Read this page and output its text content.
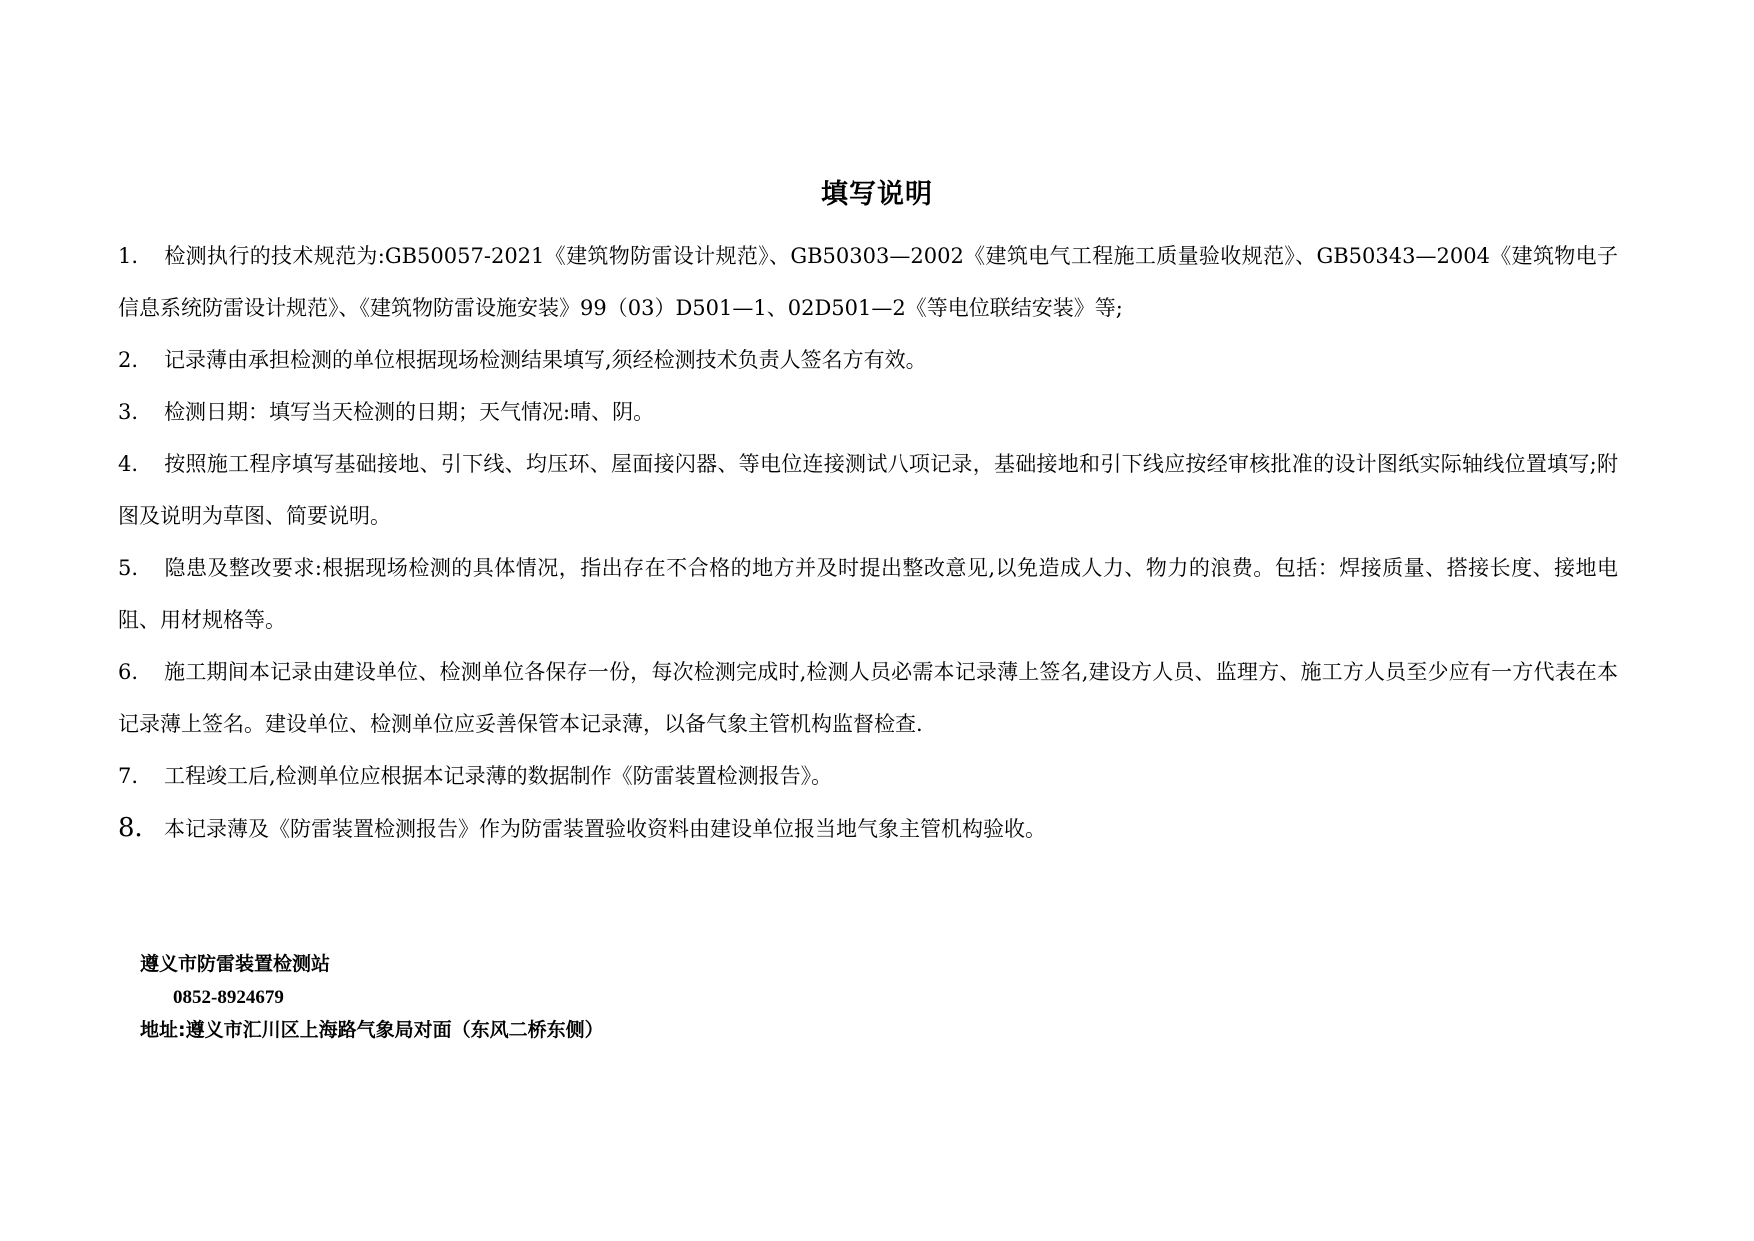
填写说明
1. 检测执行的技术规范为:GB50057-2021《建筑物防雷设计规范》、GB50303—2002《建筑电气工程施工质量验收规范》、GB50343—2004《建筑物电子信息系统防雷设计规范》、《建筑物防雷设施安装》99（03）D501—1、02D501—2《等电位联结安装》等;
2. 记录薄由承担检测的单位根据现场检测结果填写,须经检测技术负责人签名方有效。
3. 检测日期：填写当天检测的日期；天气情况:晴、阴。
4. 按照施工程序填写基础接地、引下线、均压环、屋面接闪器、等电位连接测试八项记录，基础接地和引下线应按经审核批准的设计图纸实际轴线位置填写;附图及说明为草图、简要说明。
5. 隐患及整改要求:根据现场检测的具体情况，指出存在不合格的地方并及时提出整改意见,以免造成人力、物力的浪费。包括：焊接质量、搭接长度、接地电阻、用材规格等。
6. 施工期间本记录由建设单位、检测单位各保存一份，每次检测完成时,检测人员必需本记录薄上签名,建设方人员、监理方、施工方人员至少应有一方代表在本记录薄上签名。建设单位、检测单位应妥善保管本记录薄，以备气象主管机构监督检查.
7. 工程竣工后,检测单位应根据本记录薄的数据制作《防雷装置检测报告》。
8． 本记录薄及《防雷装置检测报告》作为防雷装置验收资料由建设单位报当地气象主管机构验收。
遵义市防雷装置检测站
0852-8924679
地址:遵义市汇川区上海路气象局对面（东风二桥东侧）
